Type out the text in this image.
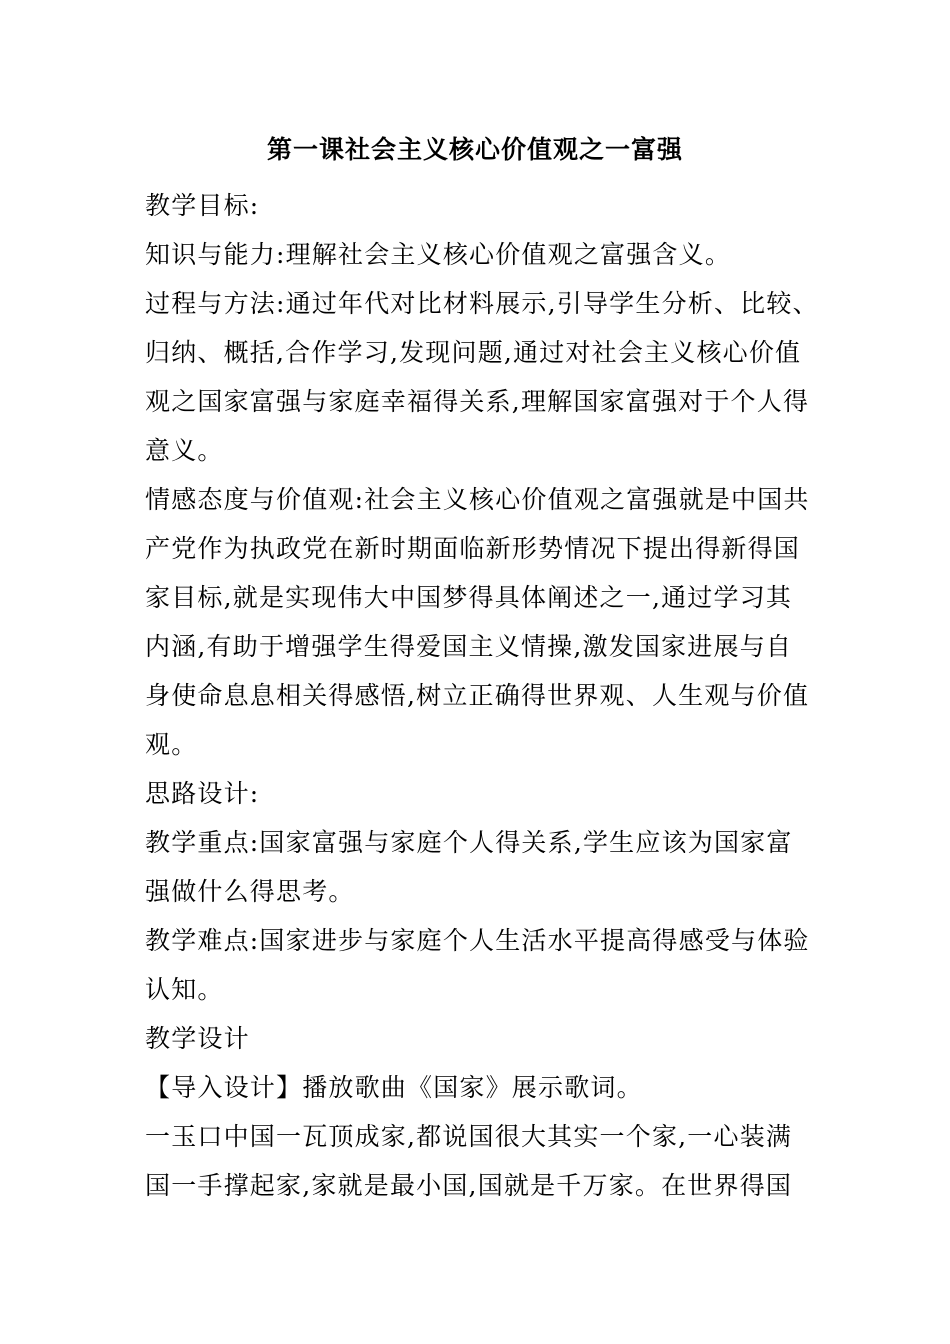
第一课社会主义核心价值观之一富强
教学目标:
知识与能力:理解社会主义核心价值观之富强含义。
过程与方法:通过年代对比材料展示,引导学生分析、比较、
归纳、概括,合作学习,发现问题,通过对社会主义核心价值
观之国家富强与家庭幸福得关系,理解国家富强对于个人得
意义。
情感态度与价值观:社会主义核心价值观之富强就是中国共
产党作为执政党在新时期面临新形势情况下提出得新得国
家目标,就是实现伟大中国梦得具体阐述之一,通过学习其
内涵,有助于增强学生得爱国主义情操,激发国家进展与自
身使命息息相关得感悟,树立正确得世界观、人生观与价值
观。
思路设计:
教学重点:国家富强与家庭个人得关系,学生应该为国家富
强做什么得思考。
教学难点:国家进步与家庭个人生活水平提高得感受与体验
认知。
教学设计
【导入设计】播放歌曲《国家》展示歌词。
一玉口中国一瓦顶成家,都说国很大其实一个家,一心装满
国一手撑起家,家就是最小国,国就是千万家。在世界得国
